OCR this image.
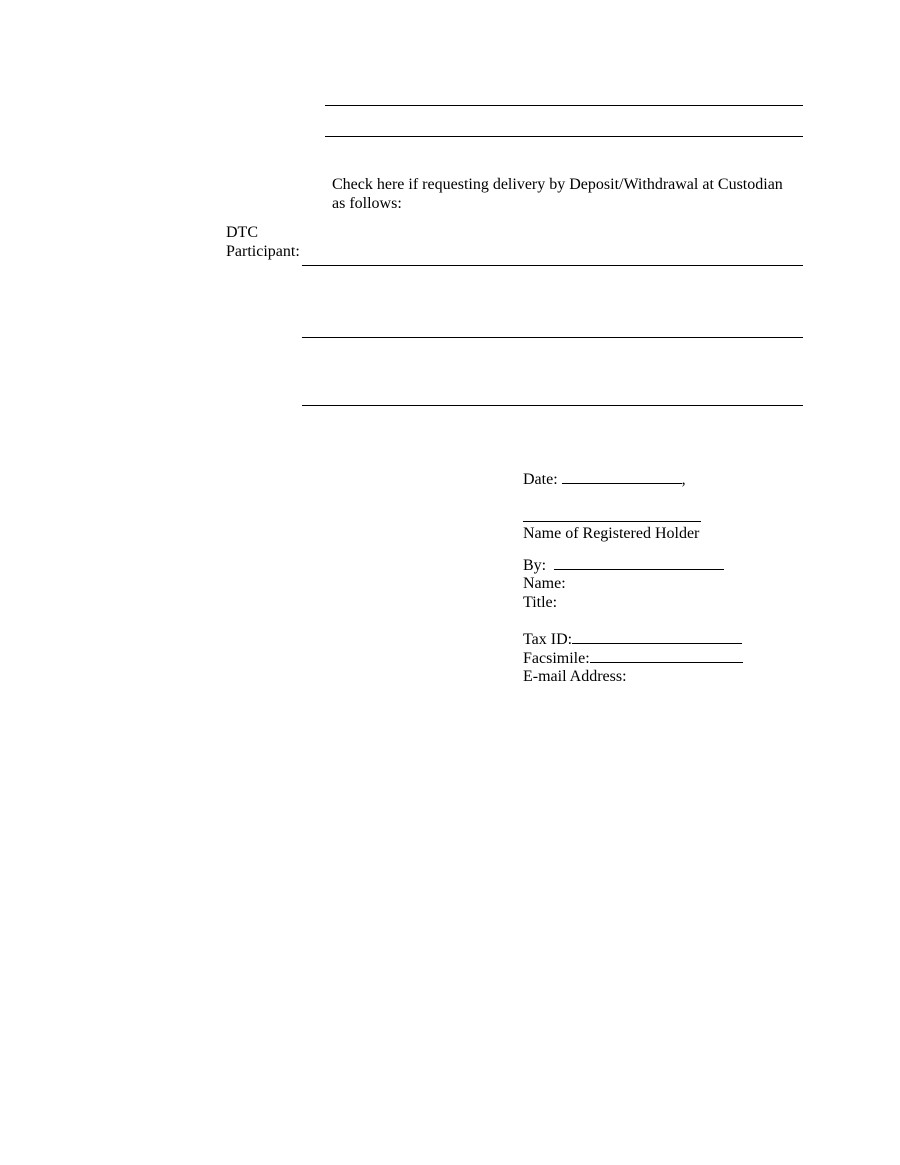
Check here if requesting delivery by Deposit/Withdrawal at Custodian
as follows:
DTC
Participant:
Date:	,
Name of Registered Holder
By:
Name:
Title:
Tax ID:
Facsimile:
E-mail Address:
